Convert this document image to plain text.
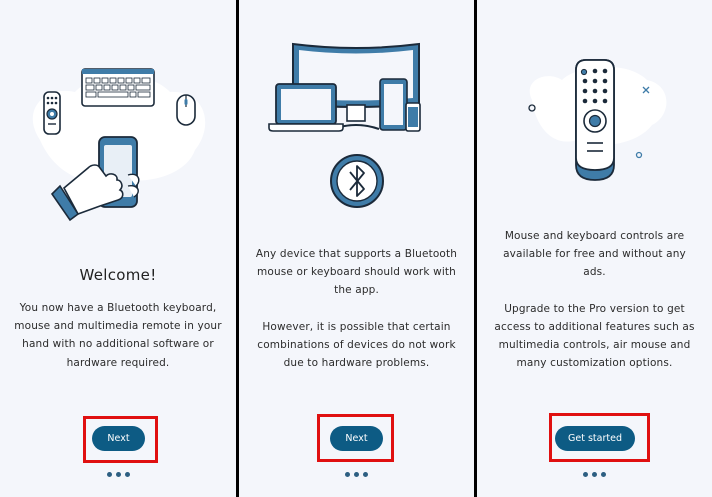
Welcome!
You now have a Bluetooth keyboard, mouse and multimedia remote in your hand with no additional software or hardware required.
Next
Any device that supports a Bluetooth mouse or keyboard should work with the app.
However, it is possible that certain combinations of devices do not work due to hardware problems.
Next
Mouse and keyboard controls are available for free and without any ads.
Upgrade to the Pro version to get access to additional features such as multimedia controls, air mouse and many customization options.
Get started
